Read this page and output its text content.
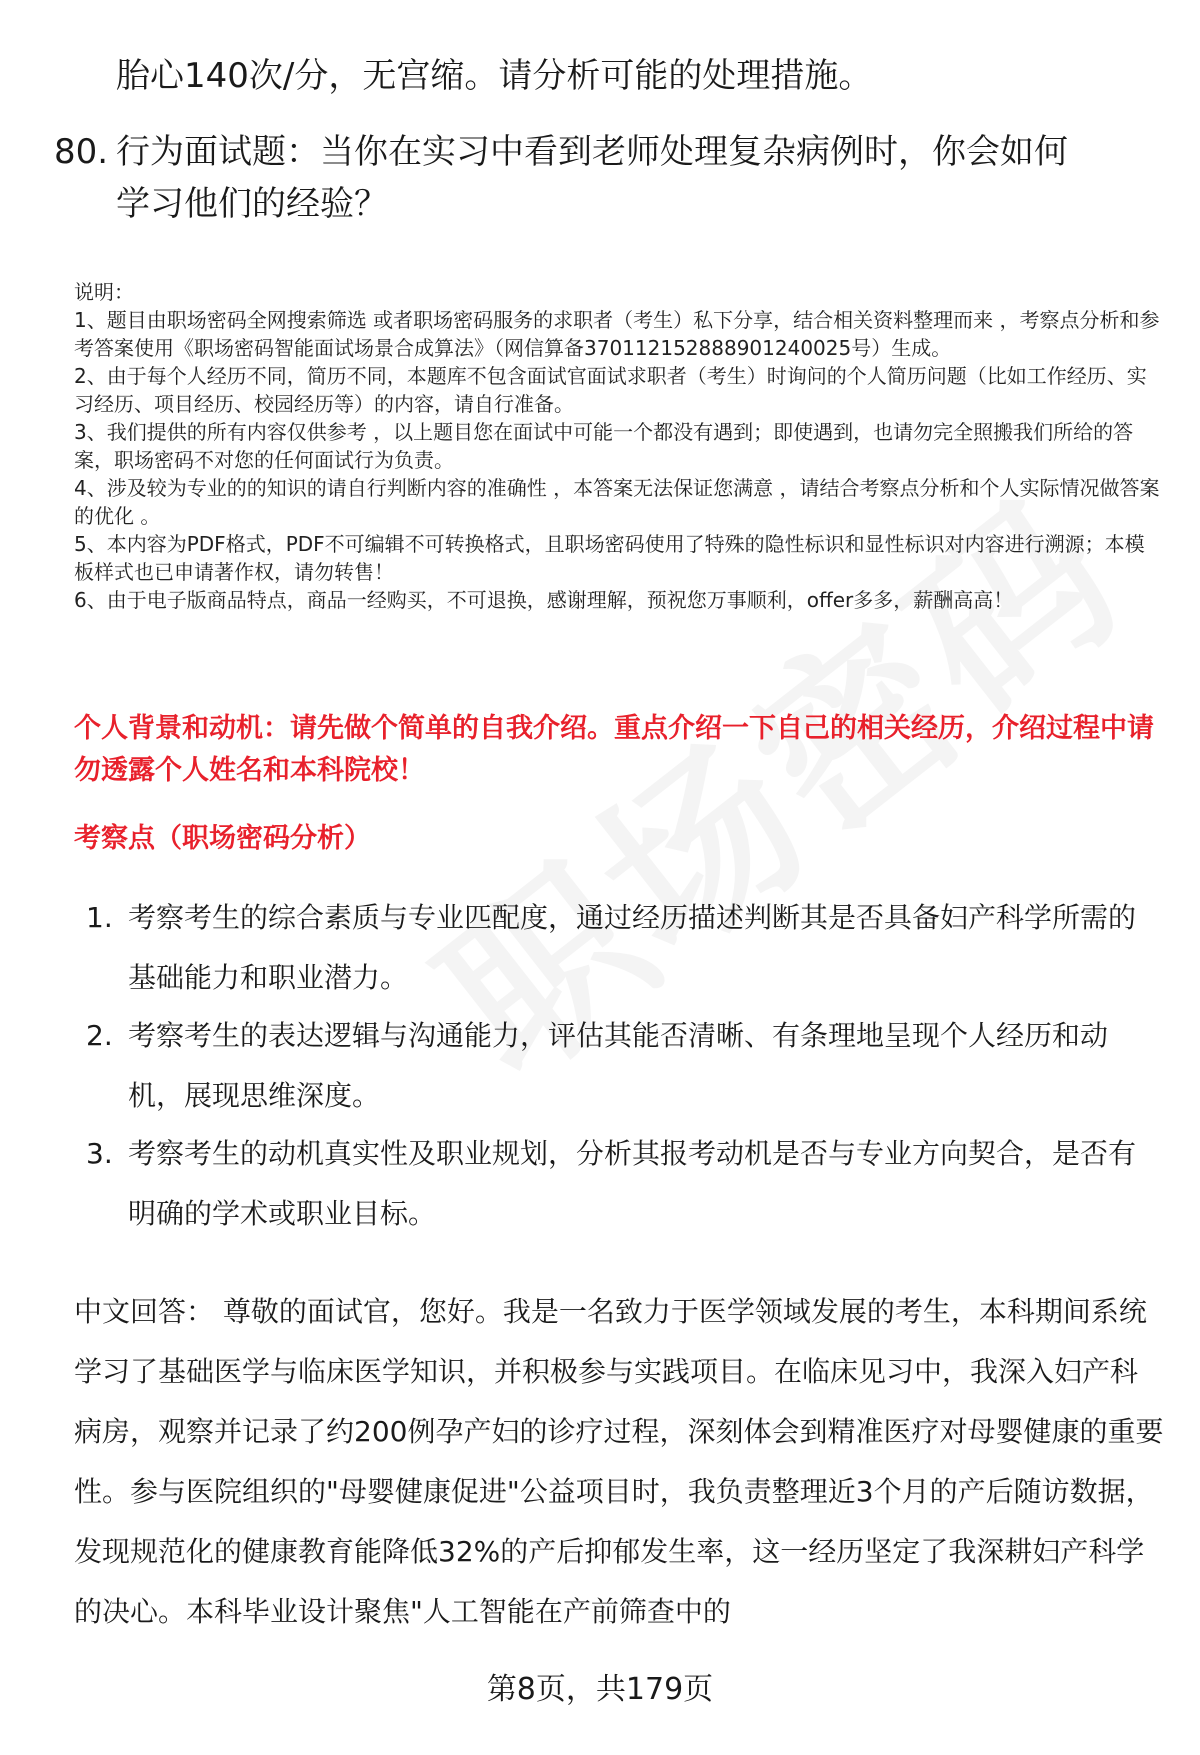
胎心140次/分，无宫缩。请分析可能的处理措施。
80. 行为面试题：当你在实习中看到老师处理复杂病例时，你会如何
学习他们的经验？

说明：

1、题目由职场密码全网搜索筛选 或者职场密码服务的求职者（考生）私下分享，结合相关资料整理而来 ，考察点分析和参考答案使用《职场密码智能面试场景合成算法》（网信算备370112152888901240025号）生成。

2、由于每个人经历不同，简历不同，本题库不包含面试官面试求职者（考生）时询问的个人简历问题（比如工作经历、实习经历、项目经历、校园经历等）的内容，请自行准备。

3、我们提供的所有内容仅供参考 ，以上题目您在面试中可能一个都没有遇到；即使遇到，也请勿完全照搬我们所给的答案，职场密码不对您的任何面试行为负责。

4、涉及较为专业的的知识的请自行判断内容的准确性 ，本答案无法保证您满意 ，请结合考察点分析和个人实际情况做答案的优化 。

5、本内容为PDF格式，PDF不可编辑不可转换格式，且职场密码使用了特殊的隐性标识和显性标识对内容进行溯源；本模板样式也已申请著作权，请勿转售！

6、由于电子版商品特点，商品一经购买，不可退换，感谢理解，预祝您万事顺利，offer多多，薪酬高高！

个人背景和动机：请先做个简单的自我介绍。重点介绍一下自己的相关经历，介绍过程中请勿透露个人姓名和本科院校！
考察点（职场密码分析）
1. 考察考生的综合素质与专业匹配度，通过经历描述判断其是否具备妇产科学所需的基础能力和职业潜力。
2. 考察考生的表达逻辑与沟通能力，评估其能否清晰、有条理地呈现个人经历和动机，展现思维深度。
3. 考察考生的动机真实性及职业规划，分析其报考动机是否与专业方向契合，是否有明确的学术或职业目标。
中文回答： 尊敬的面试官，您好。我是一名致力于医学领域发展的考生，本科期间系统学习了基础医学与临床医学知识，并积极参与实践项目。在临床见习中，我深入妇产科病房，观察并记录了约200例孕产妇的诊疗过程，深刻体会到精准医疗对母婴健康的重要性。参与医院组织的"母婴健康促进"公益项目时，我负责整理近3个月的产后随访数据，发现规范化的健康教育能降低32%的产后抑郁发生率，这一经历坚定了我深耕妇产科学的决心。本科毕业设计聚焦"人工智能在产前筛查中的
第8页，共179页
